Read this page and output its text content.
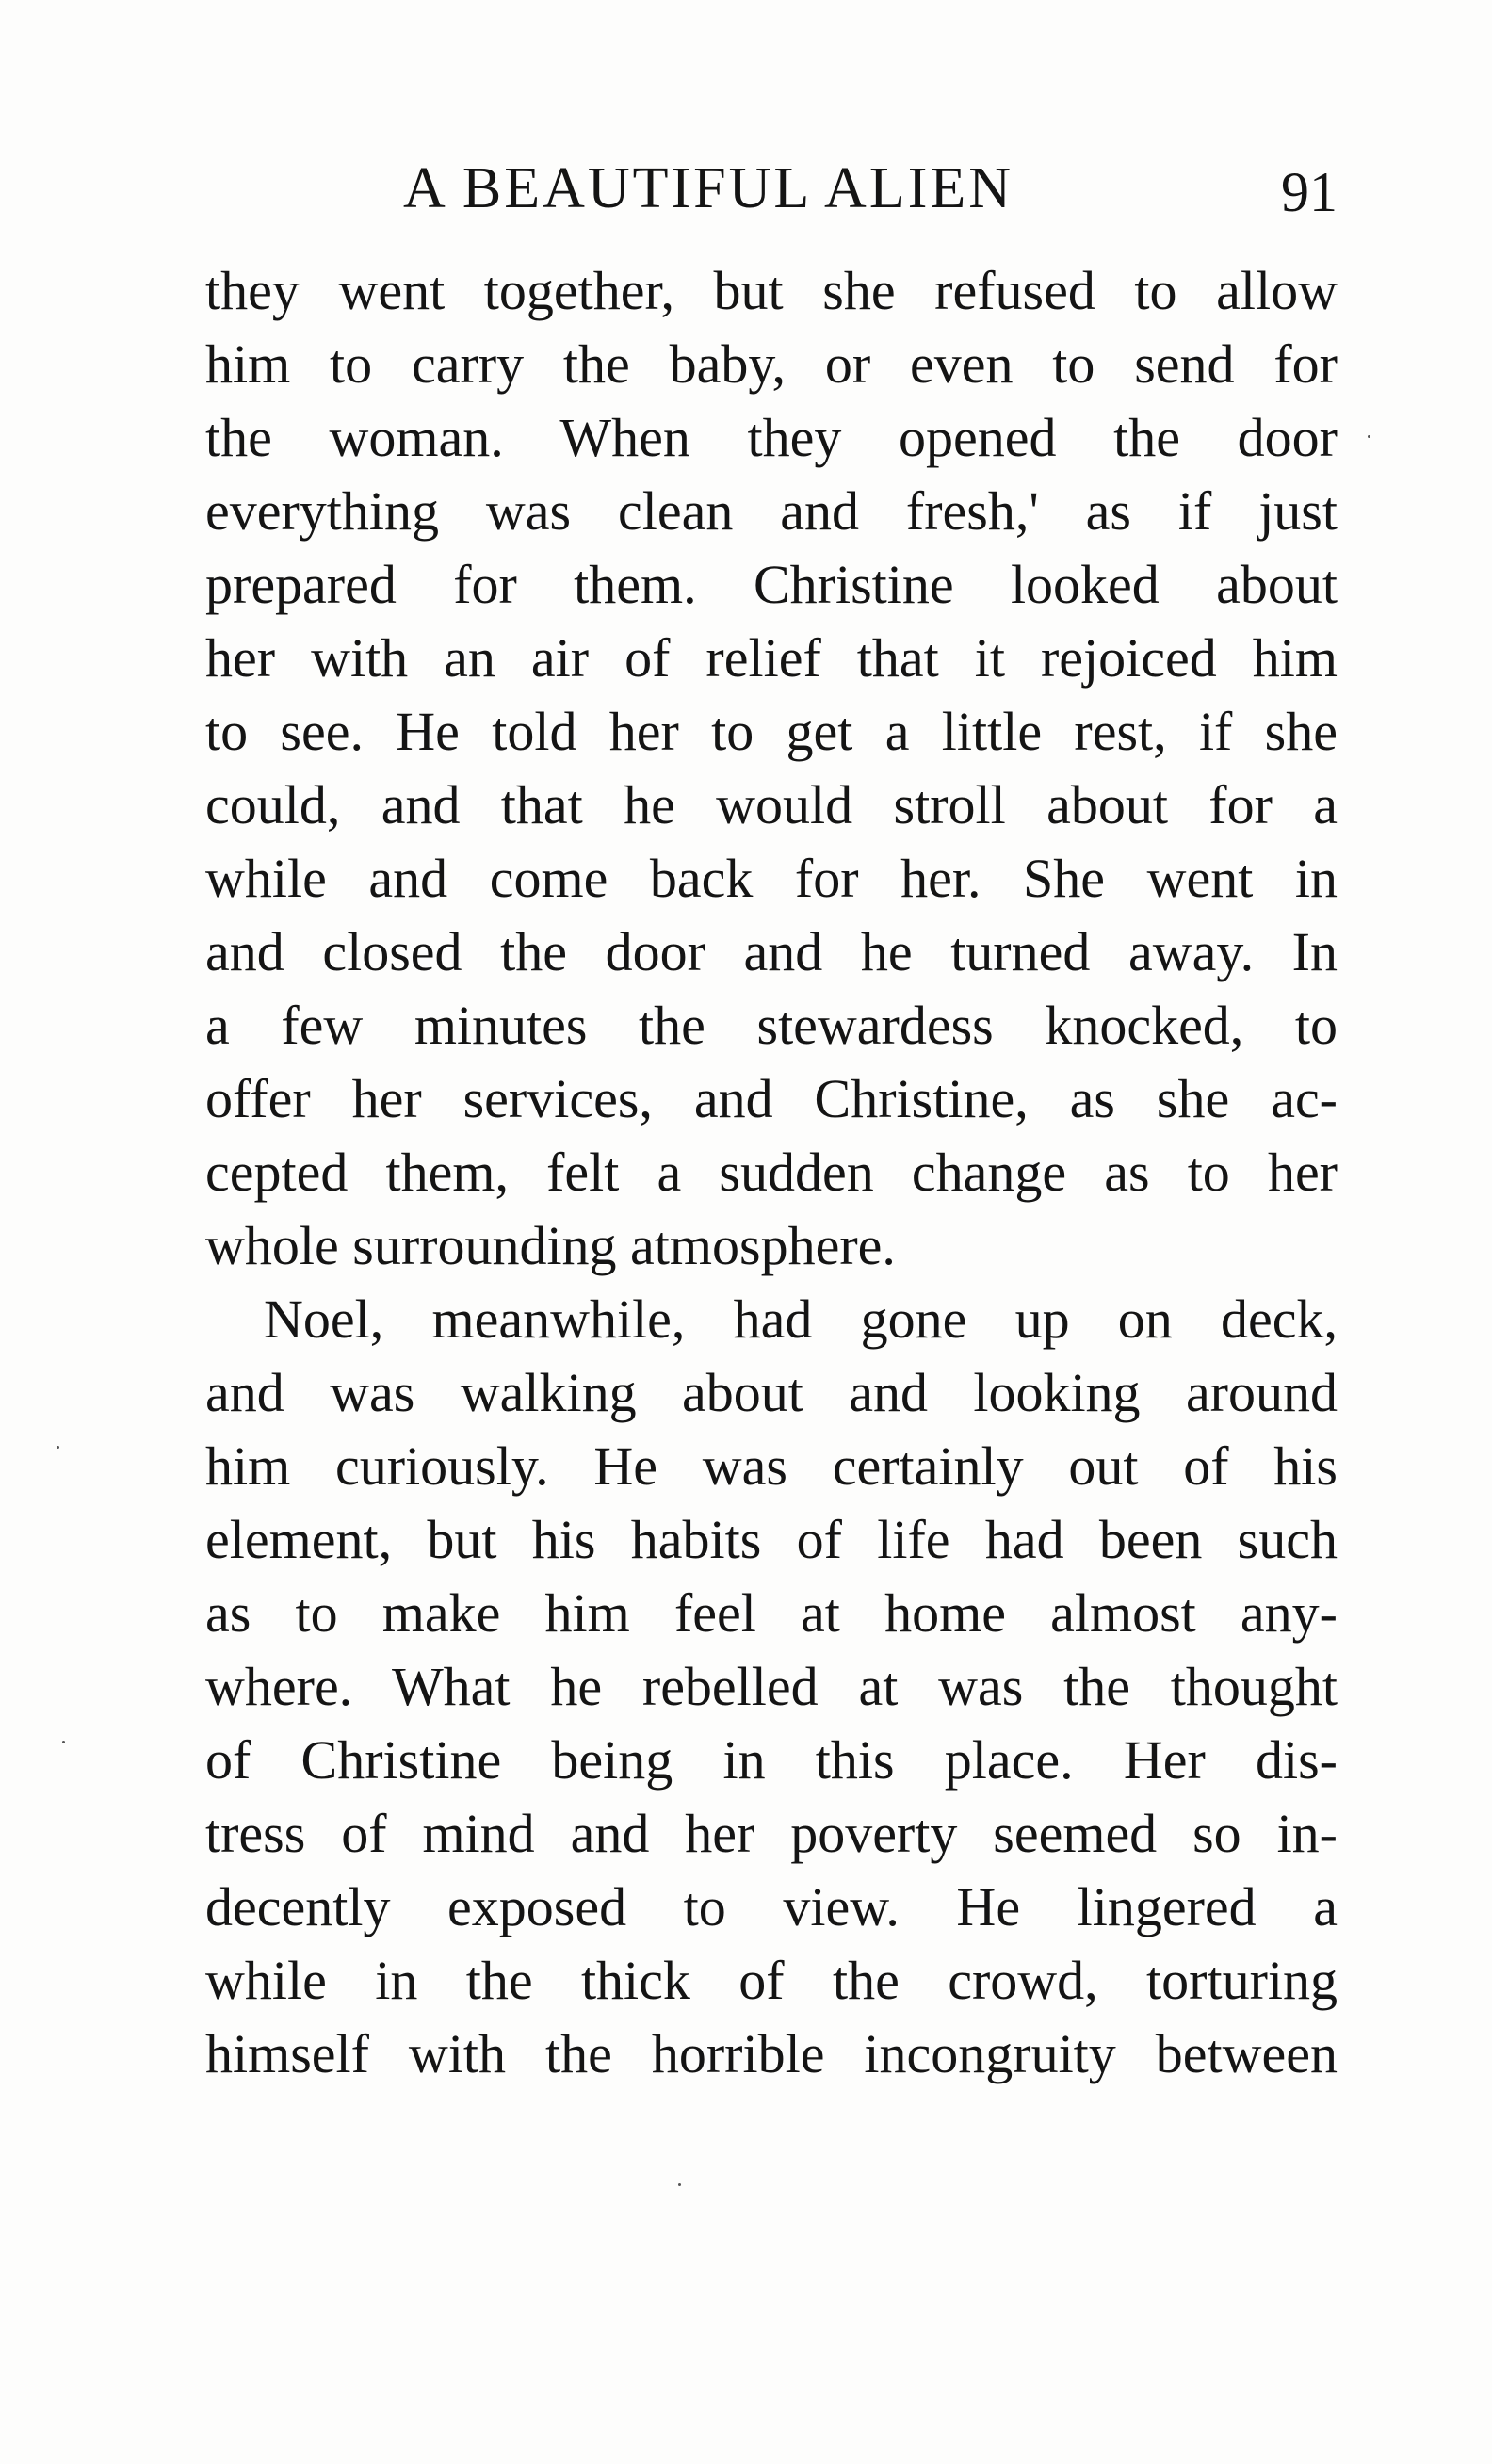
A BEAUTIFUL ALIEN	91
they went together, but she refused to allow
him to carry the baby, or even to send for
the woman. When they opened the door
everything was clean and fresh,' as if just
prepared for them. Christine looked about
her with an air of relief that it rejoiced him
to see. He told her to get a little rest, if she
could, and that he would stroll about for a
while and come back for her. She went in
and closed the door and he turned away. In
a few minutes the stewardess knocked, to
offer her services, and Christine, as she ac-
cepted them, felt a sudden change as to her
whole surrounding atmosphere.
Noel, meanwhile, had gone up on deck,
and was walking about and looking around
him curiously. He was certainly out of his
element, but his habits of life had been such
as to make him feel at home almost any-
where. What he rebelled at was the thought
of Christine being in this place. Her dis-
tress of mind and her poverty seemed so in-
decently exposed to view. He lingered a
while in the thick of the crowd, torturing
himself with the horrible incongruity between
